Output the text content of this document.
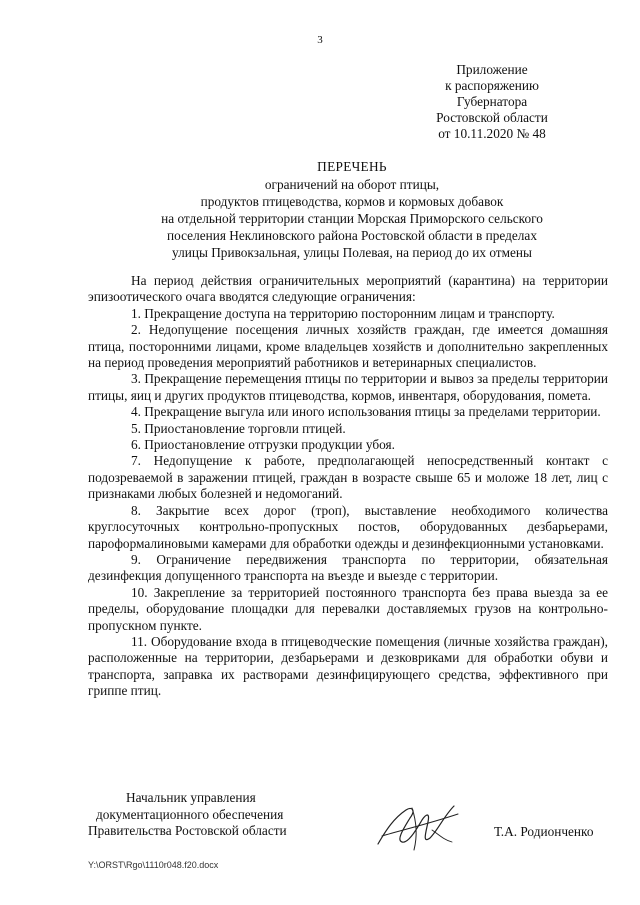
3
Приложение
к распоряжению
Губернатора
Ростовской области
от 10.11.2020 № 48
ПЕРЕЧЕНЬ
ограничений на оборот птицы,
продуктов птицеводства, кормов и кормовых добавок
на отдельной территории станции Морская Приморского сельского
поселения Неклиновского района Ростовской области в пределах
улицы Привокзальная, улицы Полевая, на период до их отмены

На период действия ограничительных мероприятий (карантина) на территории эпизоотического очага вводятся следующие ограничения:

1. Прекращение доступа на территорию посторонним лицам и транспорту.

2. Недопущение посещения личных хозяйств граждан, где имеется домашняя птица, посторонними лицами, кроме владельцев хозяйств и дополнительно закрепленных на период проведения мероприятий работников и ветеринарных специалистов.

3. Прекращение перемещения птицы по территории и вывоз за пределы территории птицы, яиц и других продуктов птицеводства, кормов, инвентаря, оборудования, помета.

4. Прекращение выгула или иного использования птицы за пределами территории.

5. Приостановление торговли птицей.

6. Приостановление отгрузки продукции убоя.

7. Недопущение к работе, предполагающей непосредственный контакт с подозреваемой в заражении птицей, граждан в возрасте свыше 65 и моложе 18 лет, лиц с признаками любых болезней и недомоганий.

8. Закрытие всех дорог (троп), выставление необходимого количества круглосуточных контрольно-пропускных постов, оборудованных дезбарьерами, пароформалиновыми камерами для обработки одежды и дезинфекционными установками.

9. Ограничение передвижения транспорта по территории, обязательная дезинфекция допущенного транспорта на въезде и выезде с территории.

10. Закрепление за территорией постоянного транспорта без права выезда за ее пределы, оборудование площадки для перевалки доставляемых грузов на контрольно-пропускном пункте.

11. Оборудование входа в птицеводческие помещения (личные хозяйства граждан), расположенные на территории, дезбарьерами и дезковриками для обработки обуви и транспорта, заправка их растворами дезинфицирующего средства, эффективного при гриппе птиц.

Начальник управления
документационного обеспечения
Правительства Ростовской области	Т.А. Родионченко
Y:\ORST\Rgo\1110r048.f20.docx
